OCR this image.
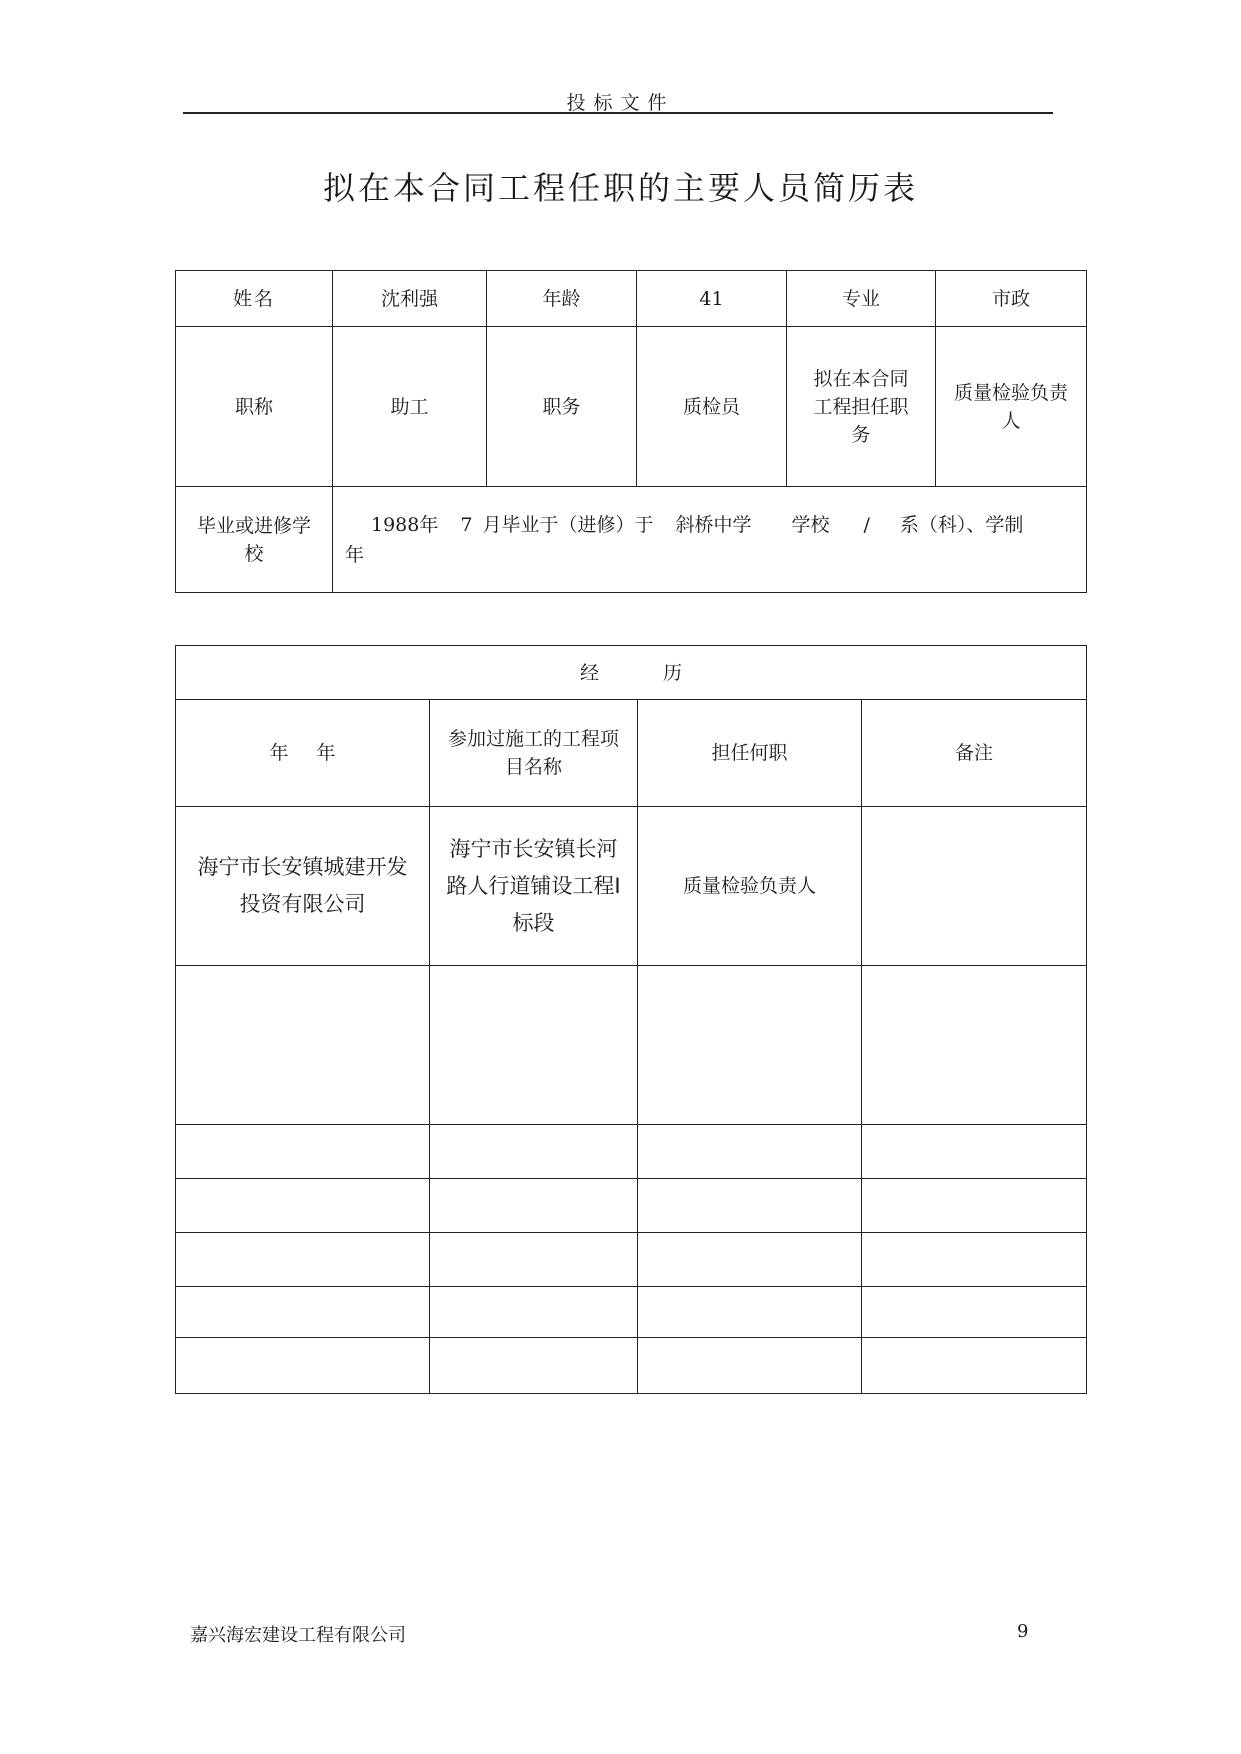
投标文件
拟在本合同工程任职的主要人员简历表
姓名	沈利强	年龄	41	专业	市政
职称	助工	职务	质检员	拟在本合同工程担任职务	质量检验负责人
毕业或进修学校	1988年 7 月毕业于（进修）于 斜桥中学 学校 / 系（科）、学制
年				
经 历			
年 年	参加过施工的工程项目名称	担任何职	备注
海宁市长安镇城建开发投资有限公司	海宁市长安镇长河路人行道铺设工程Ⅰ标段	质量检验负责人	

嘉兴海宏建设工程有限公司	9
